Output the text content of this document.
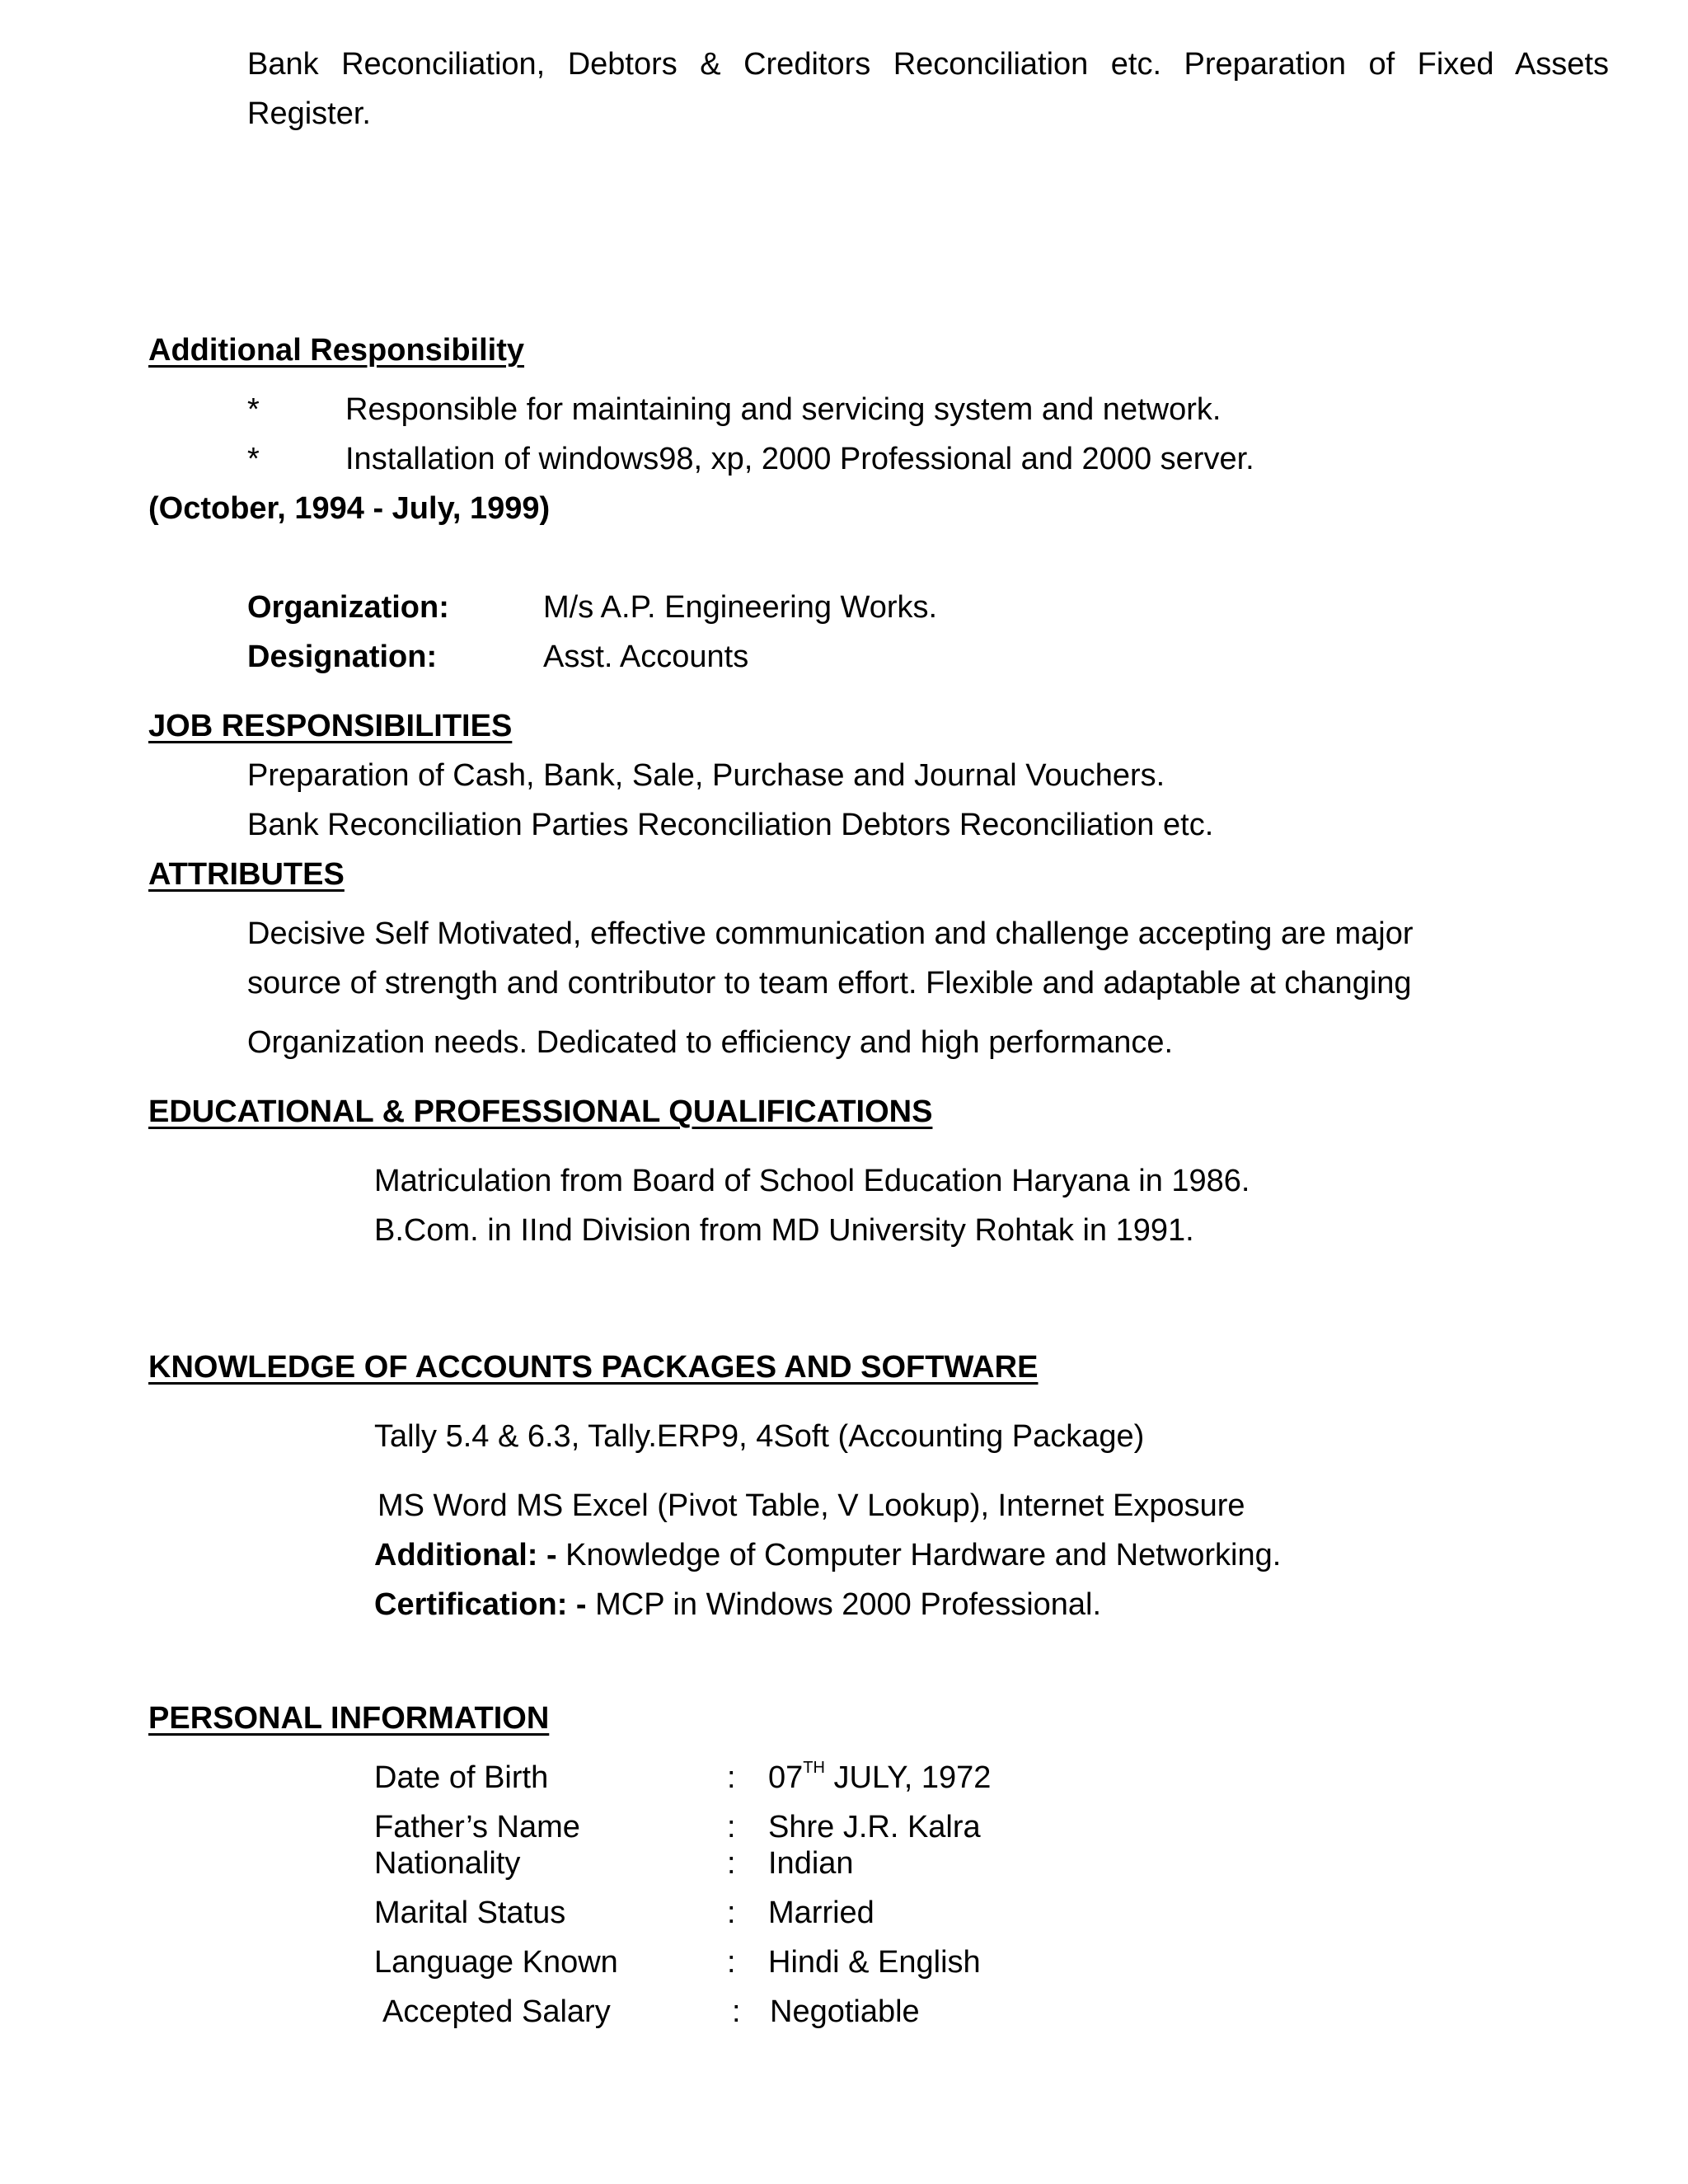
Bank Reconciliation, Debtors & Creditors Reconciliation etc. Preparation of Fixed Assets
Register.
Additional Responsibility
*	Responsible for maintaining and servicing system and network.
*	Installation of windows98, xp, 2000 Professional and 2000 server.
(October, 1994 - July, 1999)
Organization:	M/s A.P. Engineering Works.
Designation:	Asst. Accounts
JOB RESPONSIBILITIES
Preparation of Cash, Bank, Sale, Purchase and Journal Vouchers.
Bank Reconciliation Parties Reconciliation Debtors Reconciliation etc.
ATTRIBUTES
Decisive Self Motivated, effective communication and challenge accepting are major
source of strength and contributor to team effort. Flexible and adaptable at changing
Organization needs. Dedicated to efficiency and high performance.
EDUCATIONAL & PROFESSIONAL QUALIFICATIONS
Matriculation from Board of School Education Haryana in 1986.
B.Com. in IInd Division from MD University Rohtak in 1991.
KNOWLEDGE OF ACCOUNTS PACKAGES AND SOFTWARE
Tally 5.4 & 6.3, Tally.ERP9, 4Soft (Accounting Package)
MS Word MS Excel (Pivot Table, V Lookup), Internet Exposure
Additional: - Knowledge of Computer Hardware and Networking.
Certification: - MCP in Windows 2000 Professional.
PERSONAL INFORMATION
Date of Birth	: 07TH JULY, 1972
Father’s Name	: Shre J.R. Kalra
Nationality	: Indian
Marital Status	: Married
Language Known	: Hindi & English
Accepted Salary	: Negotiable
